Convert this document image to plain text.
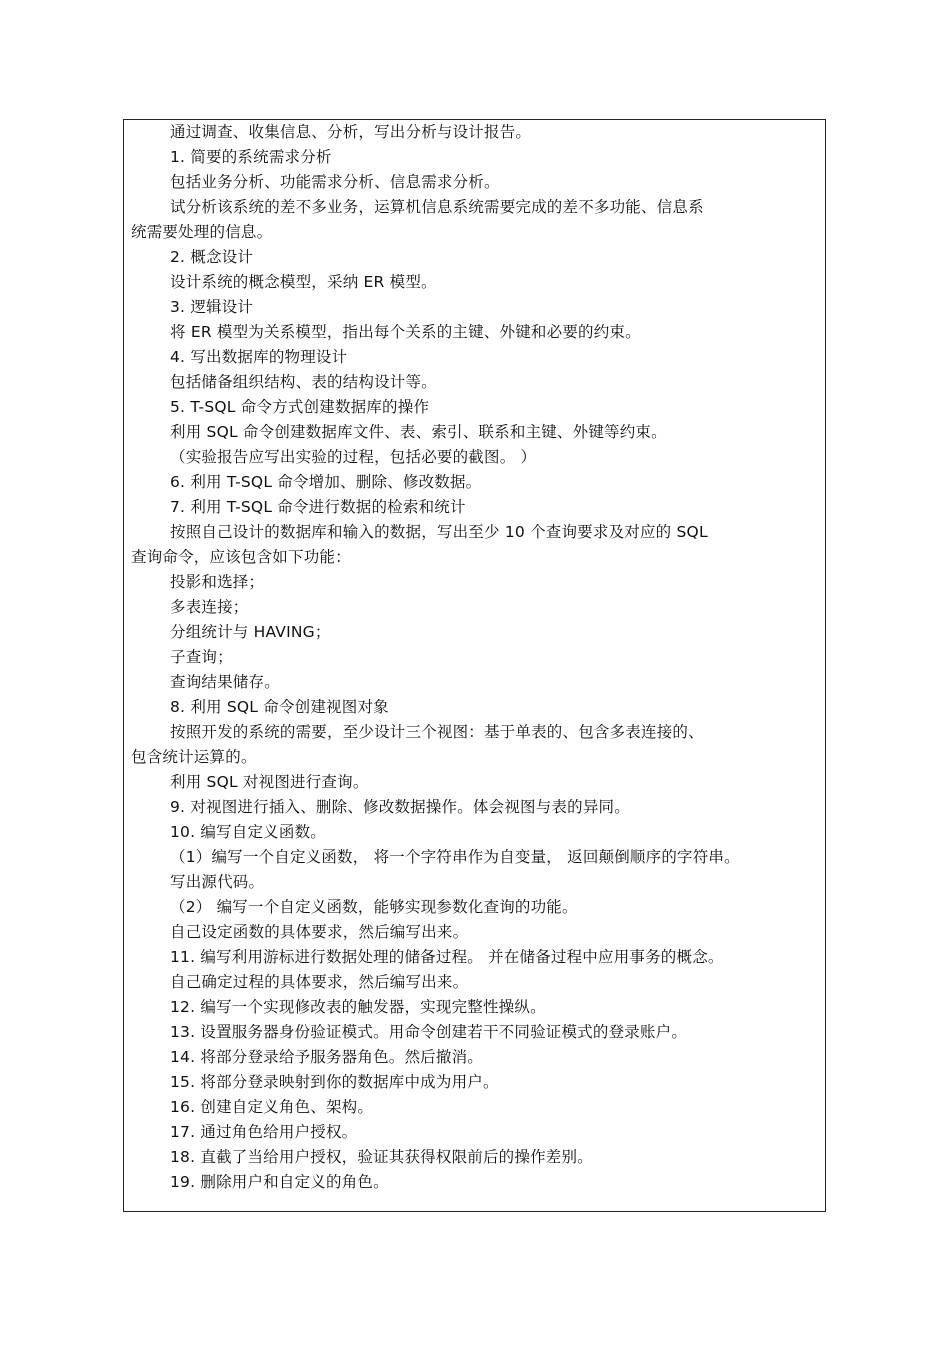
通过调查、收集信息、分析，写出分析与设计报告。
1. 简要的系统需求分析
包括业务分析、功能需求分析、信息需求分析。
试分析该系统的差不多业务，运算机信息系统需要完成的差不多功能、信息系
统需要处理的信息。
2. 概念设计
设计系统的概念模型，采纳 ER 模型。
3. 逻辑设计
将 ER 模型为关系模型，指出每个关系的主键、外键和必要的约束。
4. 写出数据库的物理设计
包括储备组织结构、表的结构设计等。
5. T-SQL 命令方式创建数据库的操作
利用 SQL 命令创建数据库文件、表、索引、联系和主键、外键等约束。
（实验报告应写出实验的过程，包括必要的截图。 ）
6. 利用 T-SQL 命令增加、删除、修改数据。
7. 利用 T-SQL 命令进行数据的检索和统计
按照自己设计的数据库和输入的数据，写出至少 10 个查询要求及对应的 SQL
查询命令，应该包含如下功能：
投影和选择；
多表连接；
分组统计与 HAVING；
子查询；
查询结果储存。
8. 利用 SQL 命令创建视图对象
按照开发的系统的需要，至少设计三个视图：基于单表的、包含多表连接的、
包含统计运算的。
利用 SQL 对视图进行查询。
9. 对视图进行插入、删除、修改数据操作。体会视图与表的异同。
10. 编写自定义函数。
（1）编写一个自定义函数， 将一个字符串作为自变量， 返回颠倒顺序的字符串。
写出源代码。
（2） 编写一个自定义函数，能够实现参数化查询的功能。
自己设定函数的具体要求，然后编写出来。
11. 编写利用游标进行数据处理的储备过程。 并在储备过程中应用事务的概念。
自己确定过程的具体要求，然后编写出来。
12. 编写一个实现修改表的触发器，实现完整性操纵。
13. 设置服务器身份验证模式。用命令创建若干不同验证模式的登录账户。
14. 将部分登录给予服务器角色。然后撤消。
15. 将部分登录映射到你的数据库中成为用户。
16. 创建自定义角色、架构。
17. 通过角色给用户授权。
18. 直截了当给用户授权，验证其获得权限前后的操作差别。
19. 删除用户和自定义的角色。
